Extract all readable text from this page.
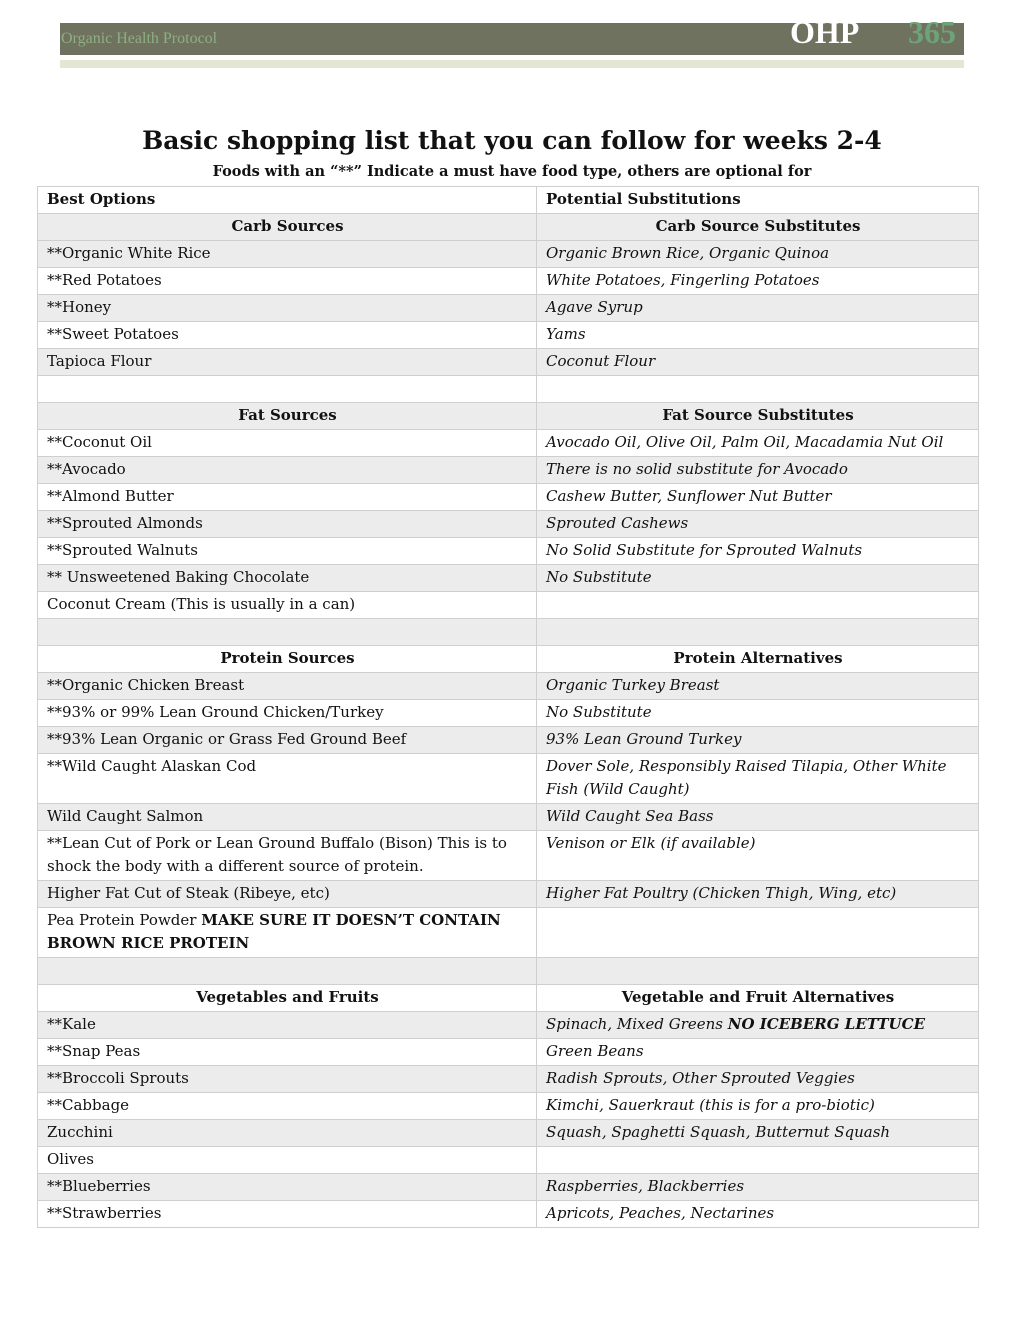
Organic Health Protocol	OHP 365
Basic shopping list that you can follow for weeks 2-4
Foods with an “**” Indicate a must have food type, others are optional for
Best Options	Potential Substitutions
Carb Sources	Carb Source Substitutes
**Organic White Rice	Organic Brown Rice, Organic Quinoa
**Red Potatoes	White Potatoes, Fingerling Potatoes
**Honey	Agave Syrup
**Sweet Potatoes	Yams
Tapioca Flour	Coconut Flour

Fat Sources	Fat Source Substitutes
**Coconut Oil	Avocado Oil, Olive Oil, Palm Oil, Macadamia Nut Oil
**Avocado	There is no solid substitute for Avocado
**Almond Butter	Cashew Butter, Sunflower Nut Butter
**Sprouted Almonds	Sprouted Cashews
**Sprouted Walnuts	No Solid Substitute for Sprouted Walnuts
** Unsweetened Baking Chocolate	No Substitute
Coconut Cream (This is usually in a can)	

Protein Sources	Protein Alternatives
**Organic Chicken Breast	Organic Turkey Breast
**93% or 99% Lean Ground Chicken/Turkey	No Substitute
**93% Lean Organic or Grass Fed Ground Beef	93% Lean Ground Turkey
**Wild Caught Alaskan Cod	Dover Sole, Responsibly Raised Tilapia, Other White Fish (Wild Caught)
Wild Caught Salmon	Wild Caught Sea Bass
**Lean Cut of Pork or Lean Ground Buffalo (Bison) This is to shock the body with a different source of protein.	Venison or Elk (if available)
Higher Fat Cut of Steak (Ribeye, etc)	Higher Fat Poultry (Chicken Thigh, Wing, etc)
Pea Protein Powder MAKE SURE IT DOESN’T CONTAIN BROWN RICE PROTEIN	

Vegetables and Fruits	Vegetable and Fruit Alternatives
**Kale	Spinach, Mixed Greens NO ICEBERG LETTUCE
**Snap Peas	Green Beans
**Broccoli Sprouts	Radish Sprouts, Other Sprouted Veggies
**Cabbage	Kimchi, Sauerkraut (this is for a pro-biotic)
Zucchini	Squash, Spaghetti Squash, Butternut Squash
Olives	
**Blueberries	Raspberries, Blackberries
**Strawberries	Apricots, Peaches, Nectarines
